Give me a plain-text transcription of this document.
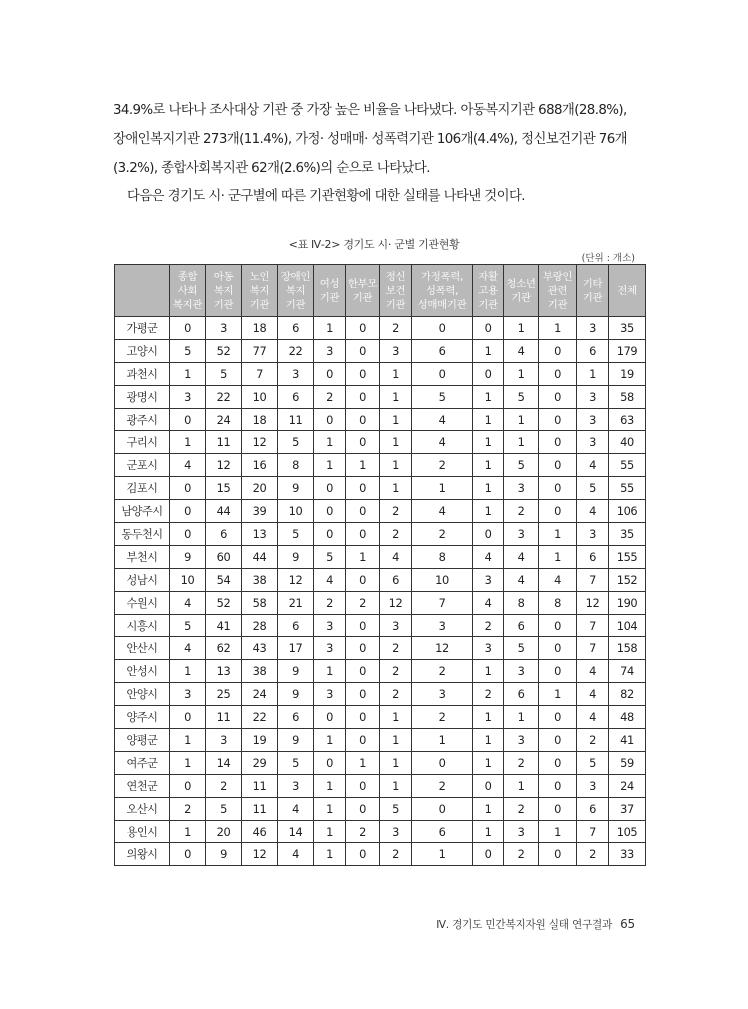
34.9%로 나타나 조사대상 기관 중 가장 높은 비율을 나타냈다. 아동복지기관 688개(28.8%),
장애인복지기관 273개(11.4%), 가정· 성매매· 성폭력기관 106개(4.4%), 정신보건기관 76개
(3.2%), 종합사회복지관 62개(2.6%)의 순으로 나타났다.
다음은 경기도 시· 군구별에 따른 기관현황에 대한 실태를 나타낸 것이다.
<표 Ⅳ-2> 경기도 시· 군별 기관현황
(단위 : 개소)
	종합
사회
복지관	아동
복지
기관	노인
복지
기관	장애인
복지
기관	여성
기관	한부모
기관	정신
보건
기관	가정폭력,
성폭력,
성매매기관	자활
고용
기관	청소년
기관	부랑인
관련
기관	기타
기관	전체
가평군	0	3	18	6	1	0	2	0	0	1	1	3	35
고양시	5	52	77	22	3	0	3	6	1	4	0	6	179
과천시	1	5	7	3	0	0	1	0	0	1	0	1	19
광명시	3	22	10	6	2	0	1	5	1	5	0	3	58
광주시	0	24	18	11	0	0	1	4	1	1	0	3	63
구리시	1	11	12	5	1	0	1	4	1	1	0	3	40
군포시	4	12	16	8	1	1	1	2	1	5	0	4	55
김포시	0	15	20	9	0	0	1	1	1	3	0	5	55
남양주시	0	44	39	10	0	0	2	4	1	2	0	4	106
동두천시	0	6	13	5	0	0	2	2	0	3	1	3	35
부천시	9	60	44	9	5	1	4	8	4	4	1	6	155
성남시	10	54	38	12	4	0	6	10	3	4	4	7	152
수원시	4	52	58	21	2	2	12	7	4	8	8	12	190
시흥시	5	41	28	6	3	0	3	3	2	6	0	7	104
안산시	4	62	43	17	3	0	2	12	3	5	0	7	158
안성시	1	13	38	9	1	0	2	2	1	3	0	4	74
안양시	3	25	24	9	3	0	2	3	2	6	1	4	82
양주시	0	11	22	6	0	0	1	2	1	1	0	4	48
양평군	1	3	19	9	1	0	1	1	1	3	0	2	41
여주군	1	14	29	5	0	1	1	0	1	2	0	5	59
연천군	0	2	11	3	1	0	1	2	0	1	0	3	24
오산시	2	5	11	4	1	0	5	0	1	2	0	6	37
용인시	1	20	46	14	1	2	3	6	1	3	1	7	105
의왕시	0	9	12	4	1	0	2	1	0	2	0	2	33
Ⅳ. 경기도 민간복지자원 실태 연구결과 65
